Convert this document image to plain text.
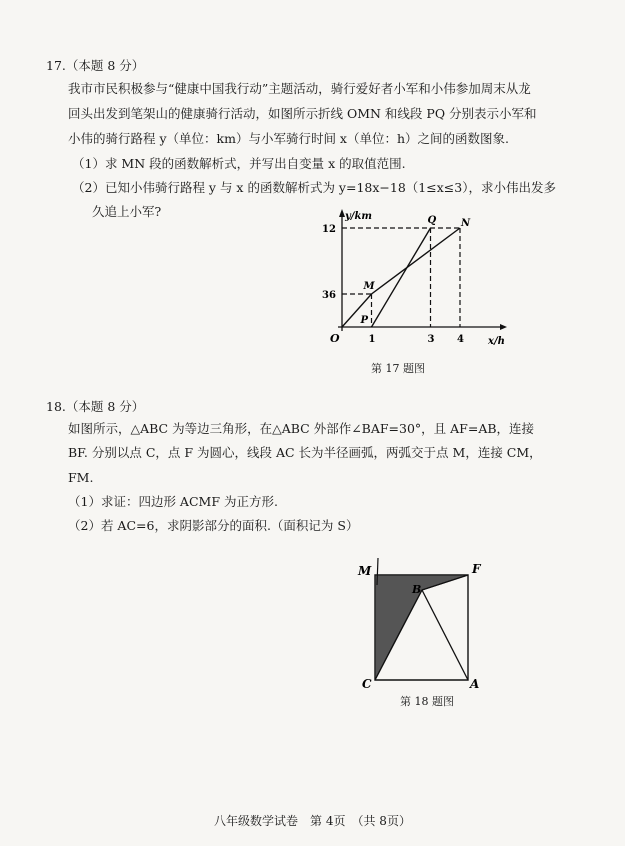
17.（本题 8 分）
我市市民积极参与“健康中国我行动”主题活动，骑行爱好者小军和小伟参加周末从龙
回头出发到笔架山的健康骑行活动，如图所示折线 OMN 和线段 PQ 分别表示小军和
小伟的骑行路程 y（单位：km）与小军骑行时间 x（单位：h）之间的函数图象.
（1）求 MN 段的函数解析式，并写出自变量 x 的取值范围.
（2）已知小伟骑行路程 y 与 x 的函数解析式为 y=18x−18（1≤x≤3），求小伟出发多
久追上小军?	y/km
x/h
O
36
12
1	3 4
M
N
P
Q
第 17 题图
18.（本题 8 分）
如图所示，△ABC 为等边三角形，在△ABC 外部作∠BAF=30°，且 AF=AB，连接
BF. 分别以点 C，点 F 为圆心，线段 AC 长为半径画弧，两弧交于点 M，连接 CM，
FM.
（1）求证：四边形 ACMF 为正方形.
（2）若 AC=6，求阴影部分的面积.（面积记为 S）
M	F
B
C	A
第 18 题图
八年级数学试卷　第 4页　（共 8页）
